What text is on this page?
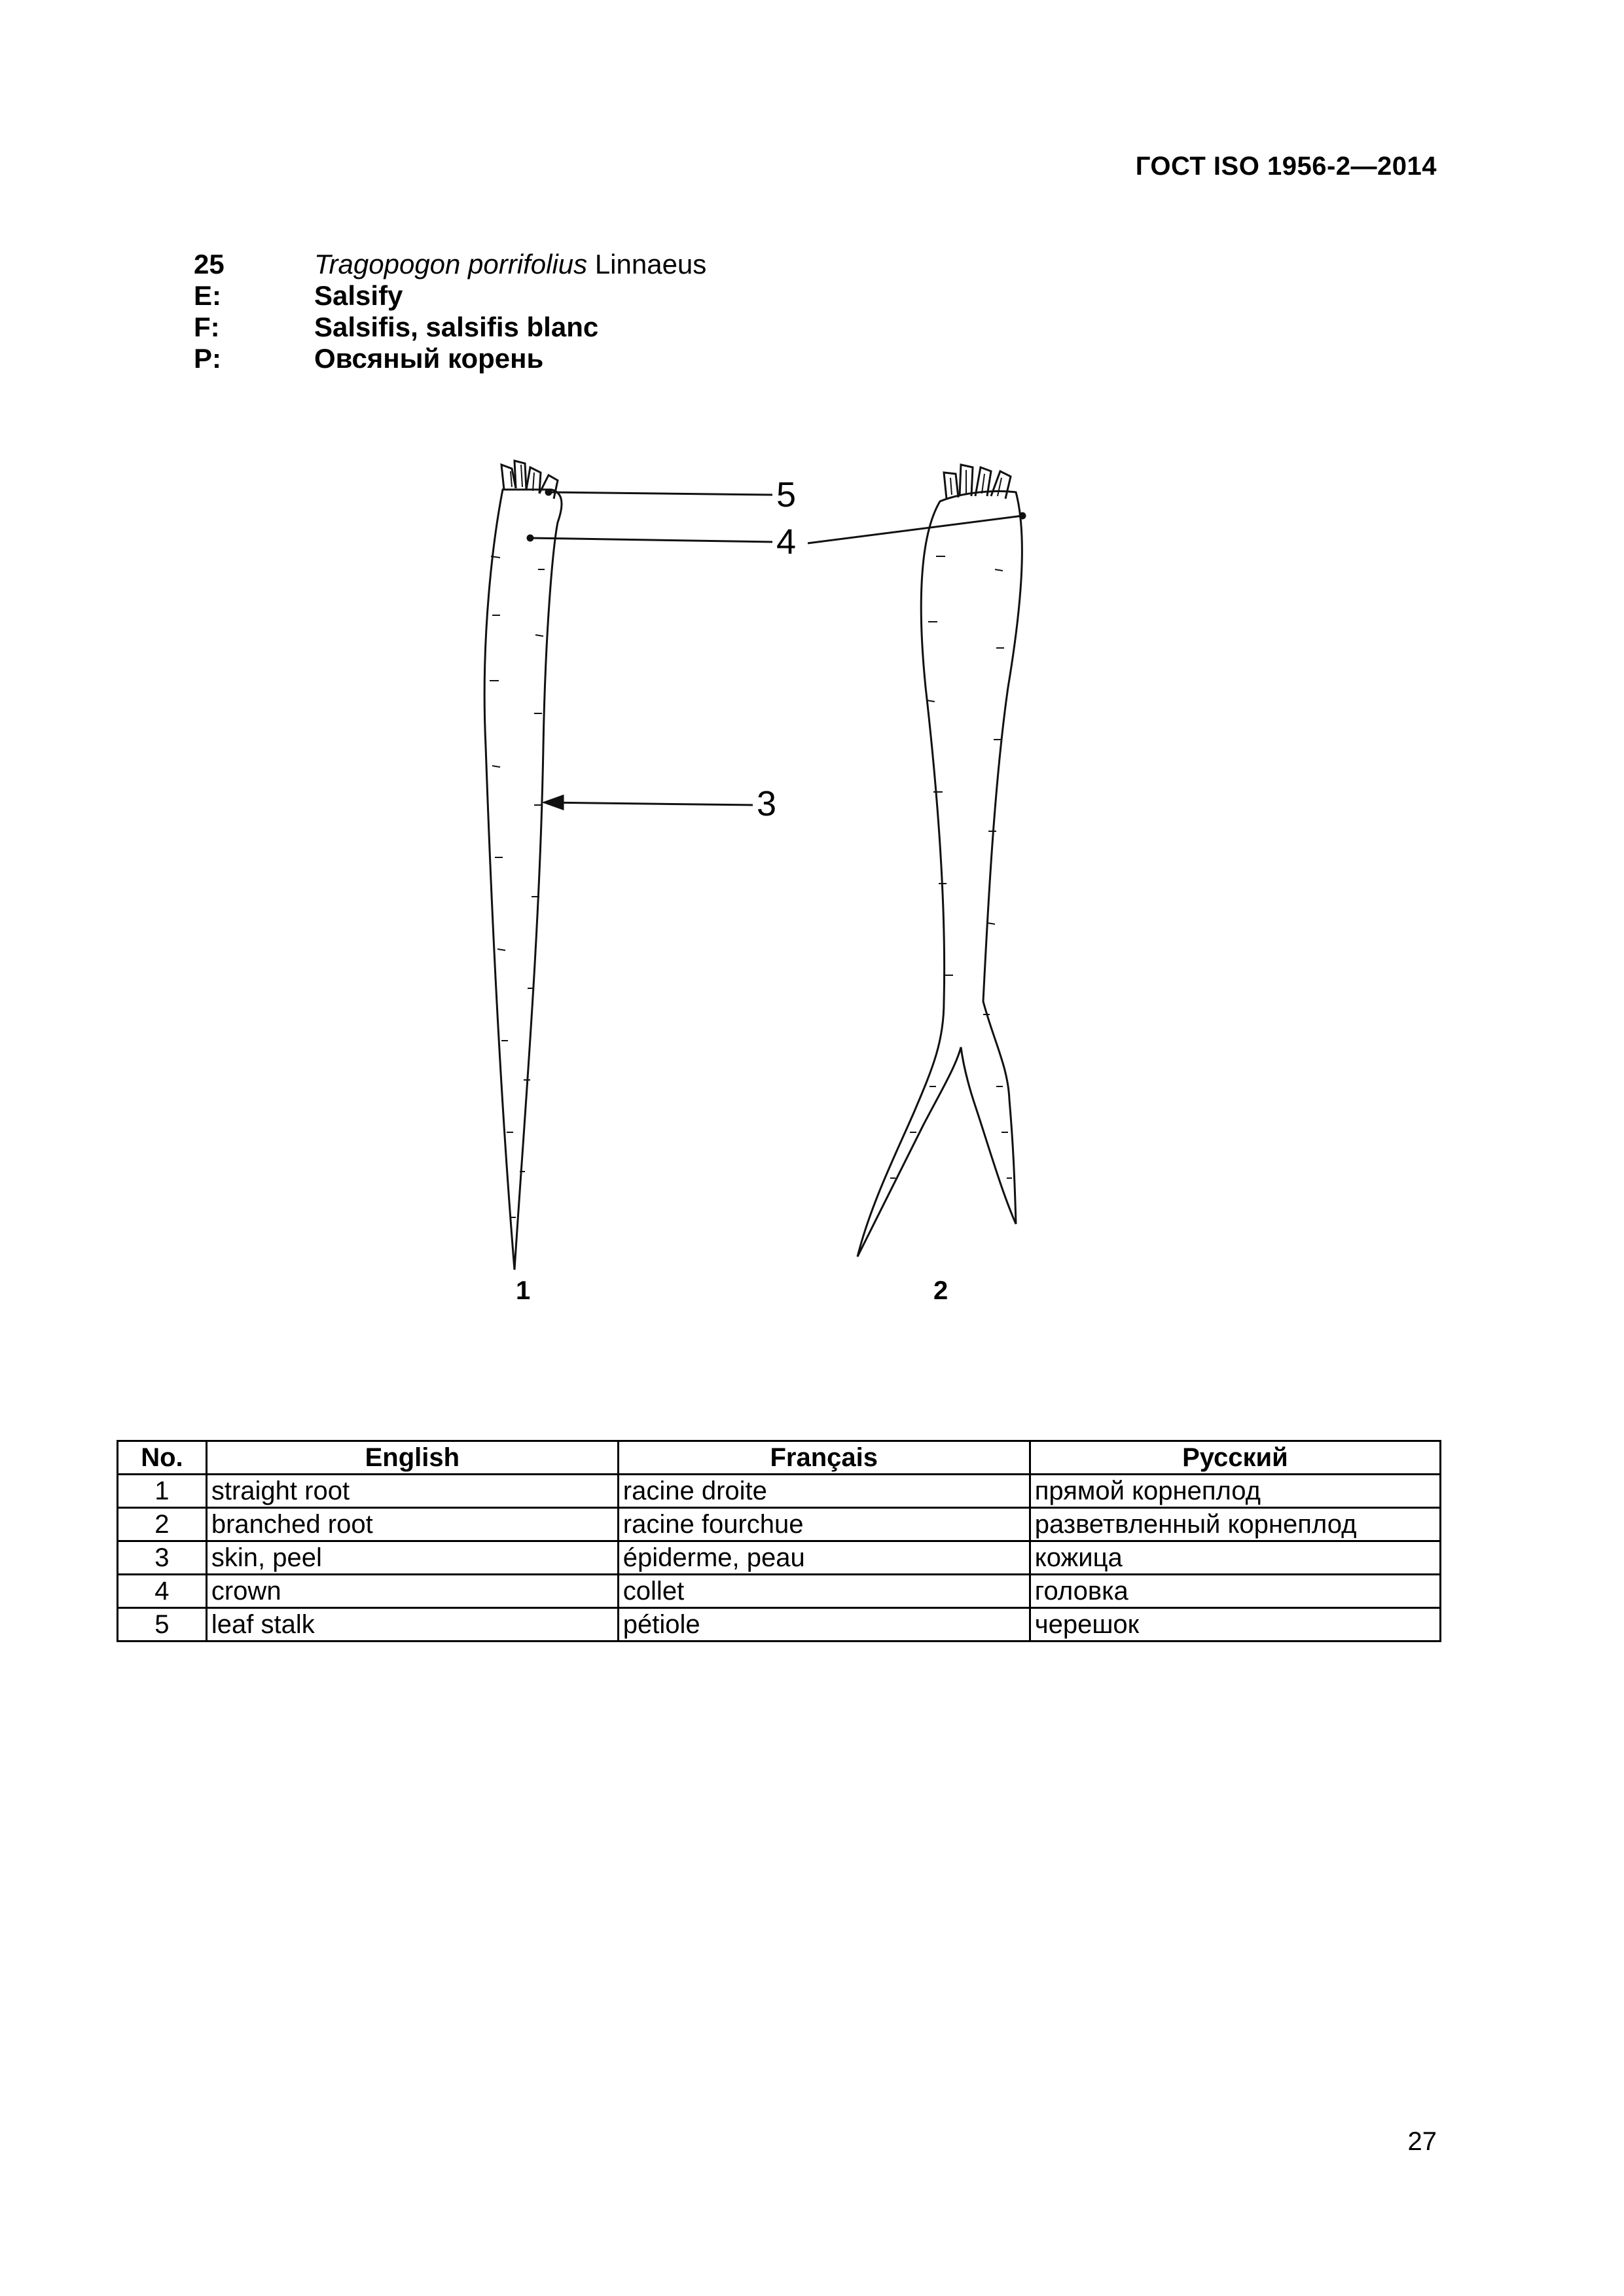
ГОСТ ISO 1956-2—2014
25	Tragopogon porrifolius Linnaeus
E:	Salsify
F:	Salsifis, salsifis blanc
P:	Овсяный корень
5
4
3
1	2
No.	English	Français	Русский
1	straight root	racine droite	прямой корнеплод
2	branched root	racine fourchue	разветвленный корнеплод
3	skin, peel	épiderme, peau	кожица
4	crown	collet	головка
5	leaf stalk	pétiole	черешок
27
